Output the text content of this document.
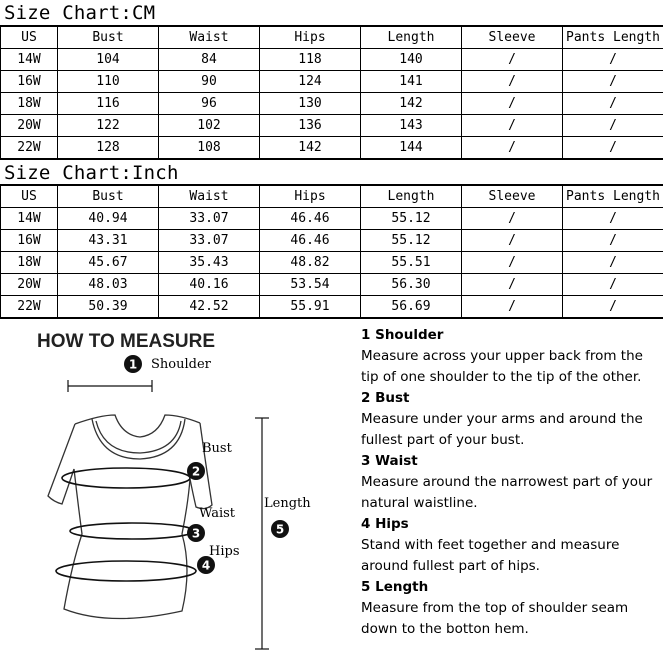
Size Chart:CM
US	Bust	Waist	Hips	Length	Sleeve	Pants Length
14W	104	84	118	140	/	/
16W	110	90	124	141	/	/
18W	116	96	130	142	/	/
20W	122	102	136	143	/	/
22W	128	108	142	144	/	/
Size Chart:Inch
US	Bust	Waist	Hips	Length	Sleeve	Pants Length
14W	40.94	33.07	46.46	55.12	/	/
16W	43.31	33.07	46.46	55.12	/	/
18W	45.67	35.43	48.82	55.51	/	/
20W	48.03	40.16	53.54	56.30	/	/
22W	50.39	42.52	55.91	56.69	/	/
HOW TO MEASURE
1
2
3
4
5
Shoulder
Bust
Waist
Hips
Length
1 Shoulder
Measure across your upper back from the tip of one shoulder to the tip of the other.
2 Bust
Measure under your arms and around the fullest part of your bust.
3 Waist
Measure around the narrowest part of your natural waistline.
4 Hips
Stand with feet together and measure around fullest part of hips.
5 Length
Measure from the top of shoulder seam down to the botton hem.
